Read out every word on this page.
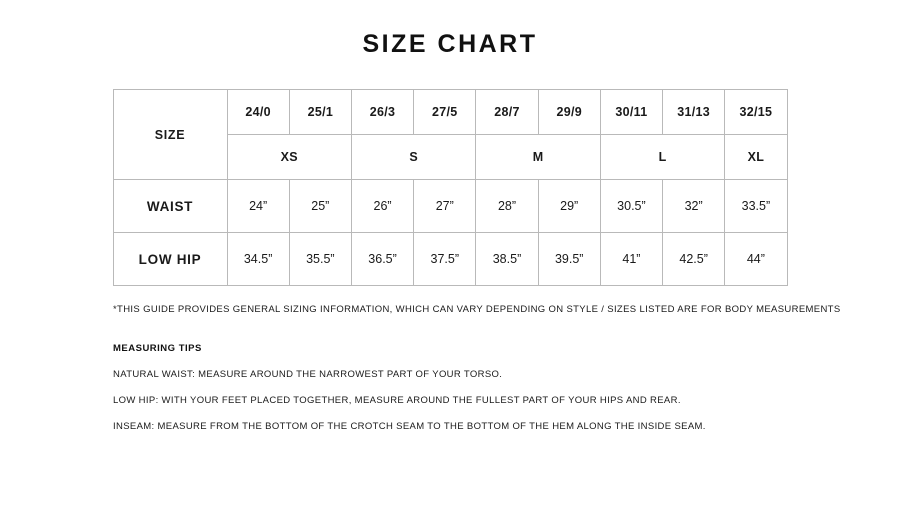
SIZE CHART
SIZE	24/0	25/1	26/3	27/5	28/7	29/9	30/11	31/13	32/15
	XS		S		M		L		XL
WAIST	24”	25”	26”	27”	28”	29”	30.5”	32”	33.5”
LOW HIP	34.5”	35.5”	36.5”	37.5”	38.5”	39.5”	41”	42.5”	44”
*THIS GUIDE PROVIDES GENERAL SIZING INFORMATION, WHICH CAN VARY DEPENDING ON STYLE / SIZES LISTED ARE FOR BODY MEASUREMENTS
MEASURING TIPS
NATURAL WAIST: MEASURE AROUND THE NARROWEST PART OF YOUR TORSO.
LOW HIP: WITH YOUR FEET PLACED TOGETHER, MEASURE AROUND THE FULLEST PART OF YOUR HIPS AND REAR.
INSEAM: MEASURE FROM THE BOTTOM OF THE CROTCH SEAM TO THE BOTTOM OF THE HEM ALONG THE INSIDE SEAM.
